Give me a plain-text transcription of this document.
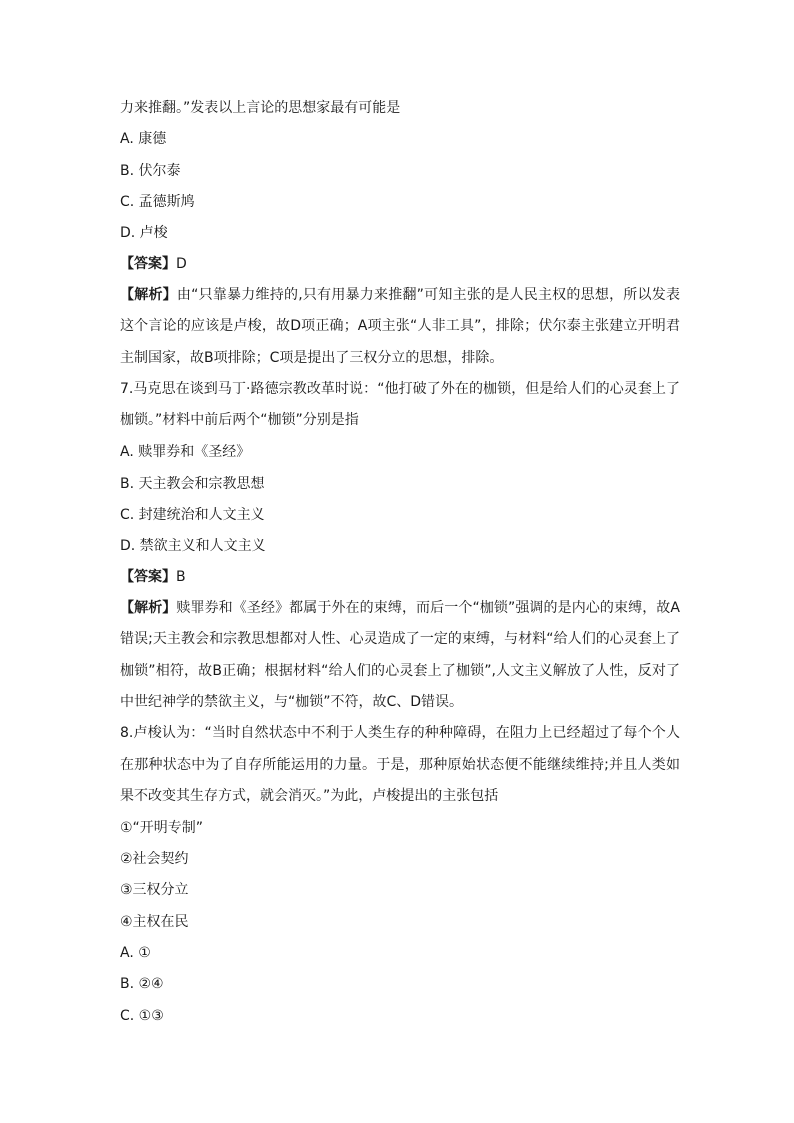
力来推翻。”发表以上言论的思想家最有可能是
A. 康德
B. 伏尔泰
C. 孟德斯鸠
D. 卢梭
【答案】D
【解析】由“只靠暴力维持的,只有用暴力来推翻”可知主张的是人民主权的思想，所以发表这个言论的应该是卢梭，故D项正确；A项主张“人非工具”，排除；伏尔泰主张建立开明君主制国家，故B项排除；C项是提出了三权分立的思想，排除。
7.马克思在谈到马丁·路德宗教改革时说：“他打破了外在的枷锁，但是给人们的心灵套上了枷锁。”材料中前后两个“枷锁”分别是指
A. 赎罪券和《圣经》
B. 天主教会和宗教思想
C. 封建统治和人文主义
D. 禁欲主义和人文主义
【答案】B
【解析】赎罪券和《圣经》都属于外在的束缚，而后一个“枷锁”强调的是内心的束缚，故A错误;天主教会和宗教思想都对人性、心灵造成了一定的束缚，与材料“给人们的心灵套上了枷锁”相符，故B正确；根据材料“给人们的心灵套上了枷锁”,人文主义解放了人性，反对了中世纪神学的禁欲主义，与“枷锁”不符，故C、D错误。
8.卢梭认为：“当时自然状态中不利于人类生存的种种障碍，在阻力上已经超过了每个个人在那种状态中为了自存所能运用的力量。于是，那种原始状态便不能继续维持;并且人类如果不改变其生存方式，就会消灭。”为此，卢梭提出的主张包括
①“开明专制”
②社会契约
③三权分立
④主权在民
A. ①
B. ②④
C. ①③
